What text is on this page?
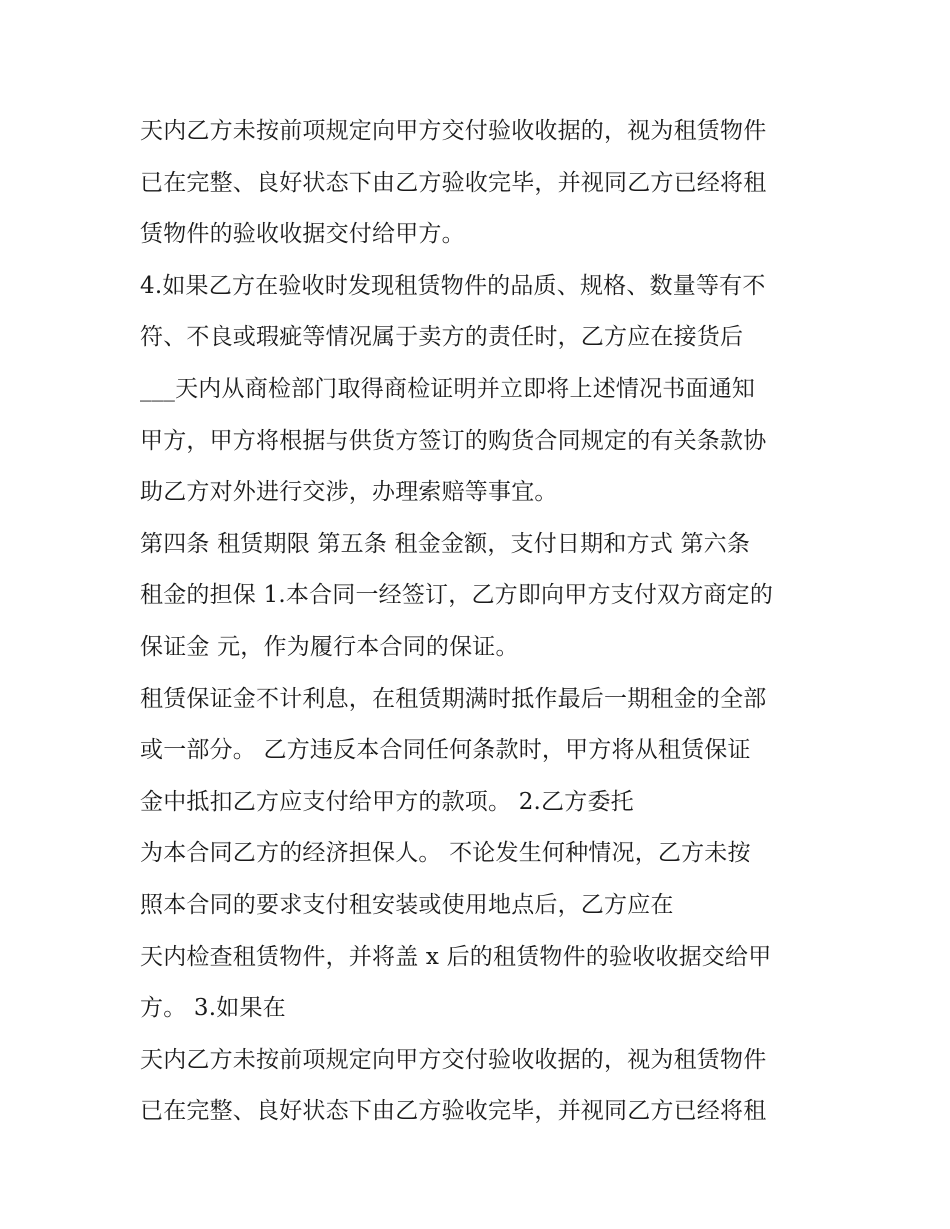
天内乙方未按前项规定向甲方交付验收收据的，视为租赁物件
已在完整、良好状态下由乙方验收完毕，并视同乙方已经将租
赁物件的验收收据交付给甲方。
4.如果乙方在验收时发现租赁物件的品质、规格、数量等有不
符、不良或瑕疵等情况属于卖方的责任时，乙方应在接货后
___天内从商检部门取得商检证明并立即将上述情况书面通知
甲方，甲方将根据与供货方签订的购货合同规定的有关条款协
助乙方对外进行交涉，办理索赔等事宜。
第四条 租赁期限 第五条 租金金额，支付日期和方式 第六条
租金的担保 1.本合同一经签订，乙方即向甲方支付双方商定的
保证金 元，作为履行本合同的保证。
租赁保证金不计利息，在租赁期满时抵作最后一期租金的全部
或一部分。 乙方违反本合同任何条款时，甲方将从租赁保证
金中抵扣乙方应支付给甲方的款项。 2.乙方委托
为本合同乙方的经济担保人。 不论发生何种情况，乙方未按
照本合同的要求支付租安装或使用地点后，乙方应在
天内检查租赁物件，并将盖 x 后的租赁物件的验收收据交给甲
方。 3.如果在
天内乙方未按前项规定向甲方交付验收收据的，视为租赁物件
已在完整、良好状态下由乙方验收完毕，并视同乙方已经将租
